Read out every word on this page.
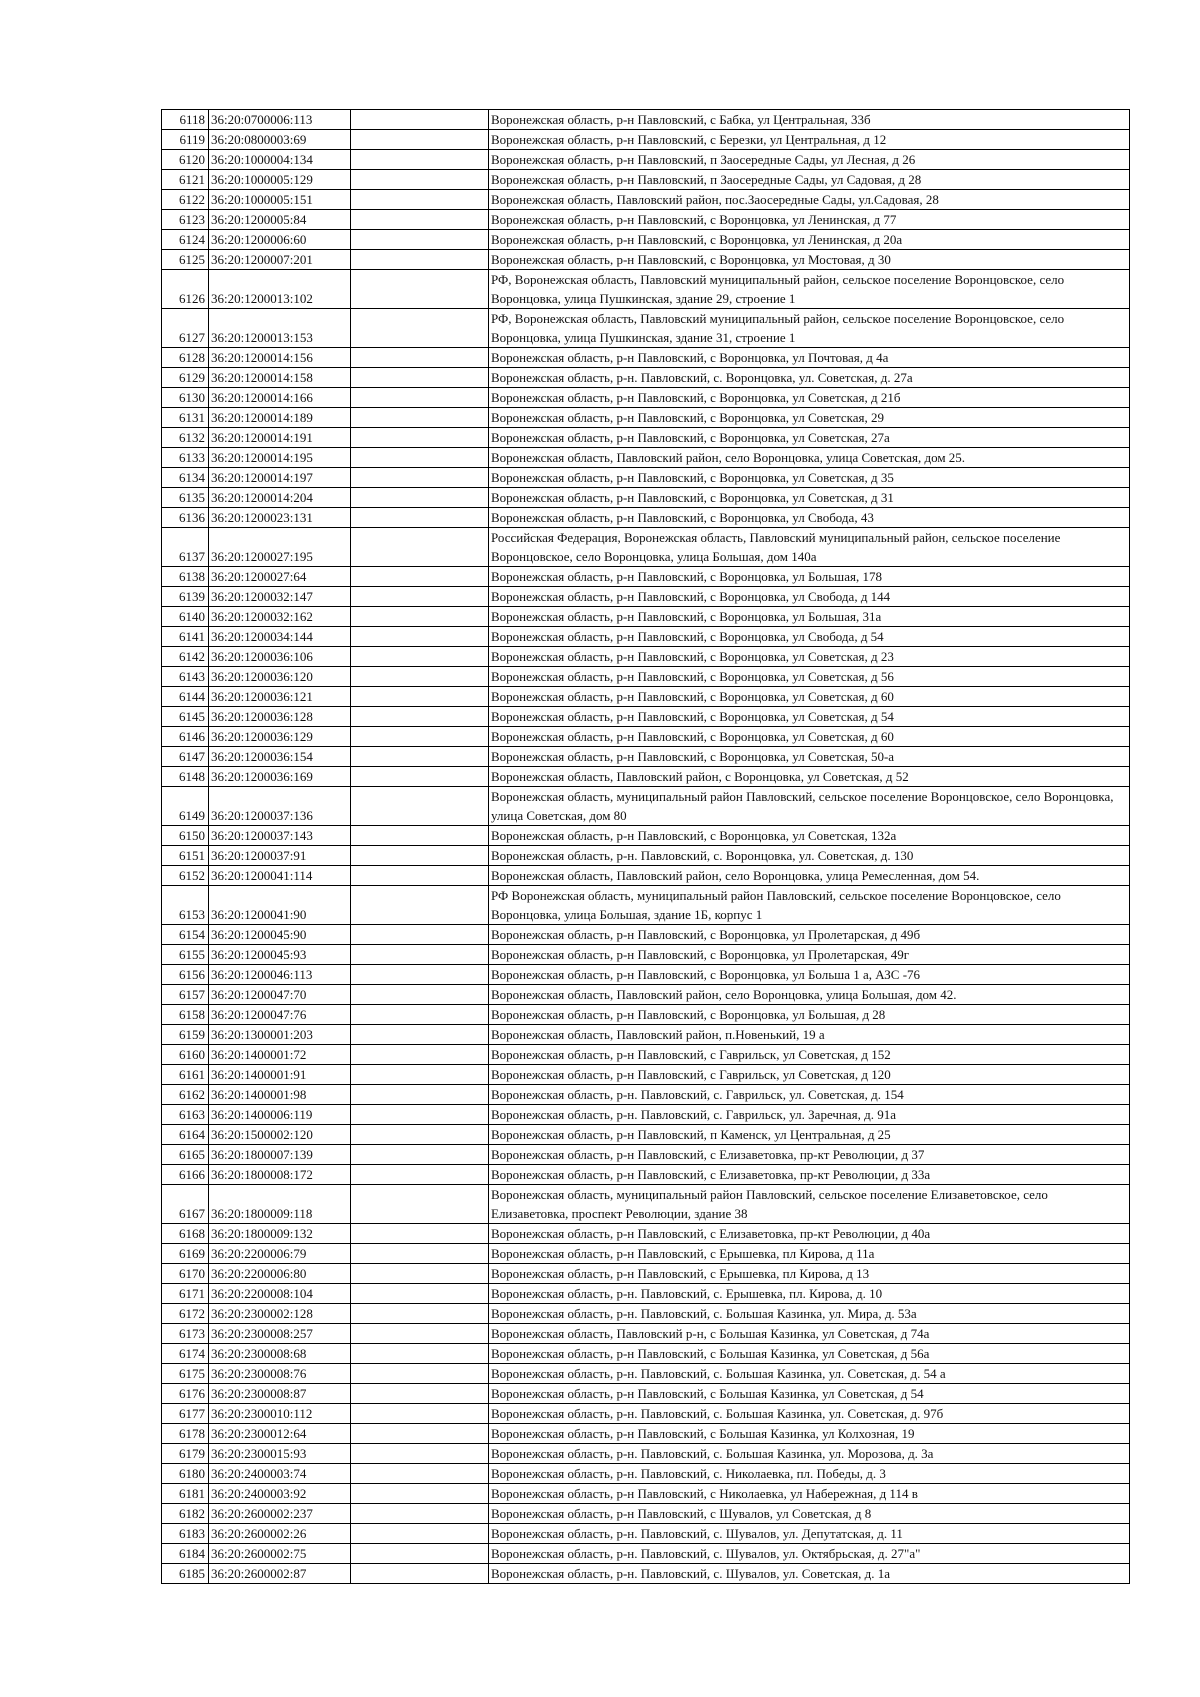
6118	36:20:0700006:113		Воронежская область, р-н Павловский, с Бабка, ул Центральная, 33б
6119	36:20:0800003:69		Воронежская область, р-н Павловский, с Березки, ул Центральная, д 12
6120	36:20:1000004:134		Воронежская область, р-н Павловский, п Заосередные Сады, ул Лесная, д 26
6121	36:20:1000005:129		Воронежская область, р-н Павловский, п Заосередные Сады, ул Садовая, д 28
6122	36:20:1000005:151		Воронежская область, Павловский район, пос.Заосередные Сады, ул.Садовая, 28
6123	36:20:1200005:84		Воронежская область, р-н Павловский, с Воронцовка, ул Ленинская, д 77
6124	36:20:1200006:60		Воронежская область, р-н Павловский, с Воронцовка, ул Ленинская, д 20а
6125	36:20:1200007:201		Воронежская область, р-н Павловский, с Воронцовка, ул Мостовая, д 30
6126	36:20:1200013:102		РФ, Воронежская область, Павловский муниципальный район, сельское поселение Воронцовское, село Воронцовка, улица Пушкинская, здание 29, строение 1
6127	36:20:1200013:153		РФ, Воронежская область, Павловский муниципальный район, сельское поселение Воронцовское, село Воронцовка, улица Пушкинская, здание 31, строение 1
6128	36:20:1200014:156		Воронежская область, р-н Павловский, с Воронцовка, ул Почтовая, д 4а
6129	36:20:1200014:158		Воронежская область, р-н. Павловский, с. Воронцовка, ул. Советская, д. 27а
6130	36:20:1200014:166		Воронежская область, р-н Павловский, с Воронцовка, ул Советская, д 21б
6131	36:20:1200014:189		Воронежская область, р-н Павловский, с Воронцовка, ул Советская, 29
6132	36:20:1200014:191		Воронежская область, р-н Павловский, с Воронцовка, ул Советская, 27а
6133	36:20:1200014:195		Воронежская область, Павловский район, село Воронцовка, улица Советская, дом 25.
6134	36:20:1200014:197		Воронежская область, р-н Павловский, с Воронцовка, ул Советская, д 35
6135	36:20:1200014:204		Воронежская область, р-н Павловский, с Воронцовка, ул Советская, д 31
6136	36:20:1200023:131		Воронежская область, р-н Павловский, с Воронцовка, ул Свобода, 43
6137	36:20:1200027:195		Российская Федерация, Воронежская область, Павловский муниципальный район, сельское поселение Воронцовское, село Воронцовка, улица Большая, дом 140а
6138	36:20:1200027:64		Воронежская область, р-н Павловский, с Воронцовка, ул Большая, 178
6139	36:20:1200032:147		Воронежская область, р-н Павловский, с Воронцовка, ул Свобода, д 144
6140	36:20:1200032:162		Воронежская область, р-н Павловский, с Воронцовка, ул Большая, 31а
6141	36:20:1200034:144		Воронежская область, р-н Павловский, с Воронцовка, ул Свобода, д 54
6142	36:20:1200036:106		Воронежская область, р-н Павловский, с Воронцовка, ул Советская, д 23
6143	36:20:1200036:120		Воронежская область, р-н Павловский, с Воронцовка, ул Советская, д 56
6144	36:20:1200036:121		Воронежская область, р-н Павловский, с Воронцовка, ул Советская, д 60
6145	36:20:1200036:128		Воронежская область, р-н Павловский, с Воронцовка, ул Советская, д 54
6146	36:20:1200036:129		Воронежская область, р-н Павловский, с Воронцовка, ул Советская, д 60
6147	36:20:1200036:154		Воронежская область, р-н Павловский, с Воронцовка, ул Советская, 50-а
6148	36:20:1200036:169		Воронежская область, Павловский район, с Воронцовка, ул Советская, д 52
6149	36:20:1200037:136		Воронежская область, муниципальный район Павловский, сельское поселение Воронцовское, село Воронцовка, улица Советская, дом 80
6150	36:20:1200037:143		Воронежская область, р-н Павловский, с Воронцовка, ул Советская, 132а
6151	36:20:1200037:91		Воронежская область, р-н. Павловский, с. Воронцовка, ул. Советская, д. 130
6152	36:20:1200041:114		Воронежская область, Павловский район, село Воронцовка, улица Ремесленная, дом 54.
6153	36:20:1200041:90		РФ Воронежская область, муниципальный район Павловский, сельское поселение Воронцовское, село Воронцовка, улица Большая, здание 1Б, корпус 1
6154	36:20:1200045:90		Воронежская область, р-н Павловский, с Воронцовка, ул Пролетарская, д 49б
6155	36:20:1200045:93		Воронежская область, р-н Павловский, с Воронцовка, ул Пролетарская, 49г
6156	36:20:1200046:113		Воронежская область, р-н Павловский, с Воронцовка, ул Больша 1 а, АЗС -76
6157	36:20:1200047:70		Воронежская область, Павловский район, село Воронцовка, улица Большая, дом 42.
6158	36:20:1200047:76		Воронежская область, р-н Павловский, с Воронцовка, ул Большая, д 28
6159	36:20:1300001:203		Воронежская область, Павловский район, п.Новенький, 19 а
6160	36:20:1400001:72		Воронежская область, р-н Павловский, с Гаврильск, ул Советская, д 152
6161	36:20:1400001:91		Воронежская область, р-н Павловский, с Гаврильск, ул Советская, д 120
6162	36:20:1400001:98		Воронежская область, р-н. Павловский, с. Гаврильск, ул. Советская, д. 154
6163	36:20:1400006:119		Воронежская область, р-н. Павловский, с. Гаврильск, ул. Заречная, д. 91а
6164	36:20:1500002:120		Воронежская область, р-н Павловский, п Каменск, ул Центральная, д 25
6165	36:20:1800007:139		Воронежская область, р-н Павловский, с Елизаветовка, пр-кт Революции, д 37
6166	36:20:1800008:172		Воронежская область, р-н Павловский, с Елизаветовка, пр-кт Революции, д 33а
6167	36:20:1800009:118		Воронежская область, муниципальный район Павловский, сельское поселение Елизаветовское, село Елизаветовка, проспект Революции, здание 38
6168	36:20:1800009:132		Воронежская область, р-н Павловский, с Елизаветовка, пр-кт Революции, д 40а
6169	36:20:2200006:79		Воронежская область, р-н Павловский, с Ерышевка, пл Кирова, д 11а
6170	36:20:2200006:80		Воронежская область, р-н Павловский, с Ерышевка, пл Кирова, д 13
6171	36:20:2200008:104		Воронежская область, р-н. Павловский, с. Ерышевка, пл. Кирова, д. 10
6172	36:20:2300002:128		Воронежская область, р-н. Павловский, с. Большая Казинка, ул. Мира, д. 53а
6173	36:20:2300008:257		Воронежская область, Павловский р-н, с Большая Казинка, ул Советская, д 74а
6174	36:20:2300008:68		Воронежская область, р-н Павловский, с Большая Казинка, ул Советская, д 56а
6175	36:20:2300008:76		Воронежская область, р-н. Павловский, с. Большая Казинка, ул. Советская, д. 54 а
6176	36:20:2300008:87		Воронежская область, р-н Павловский, с Большая Казинка, ул Советская, д 54
6177	36:20:2300010:112		Воронежская область, р-н. Павловский, с. Большая Казинка, ул. Советская, д. 97б
6178	36:20:2300012:64		Воронежская область, р-н Павловский, с Большая Казинка, ул Колхозная, 19
6179	36:20:2300015:93		Воронежская область, р-н. Павловский, с. Большая Казинка, ул. Морозова, д. 3а
6180	36:20:2400003:74		Воронежская область, р-н. Павловский, с. Николаевка, пл. Победы, д. 3
6181	36:20:2400003:92		Воронежская область, р-н Павловский, с Николаевка, ул Набережная, д 114 в
6182	36:20:2600002:237		Воронежская область, р-н Павловский, с Шувалов, ул Советская, д 8
6183	36:20:2600002:26		Воронежская область, р-н. Павловский, с. Шувалов, ул. Депутатская, д. 11
6184	36:20:2600002:75		Воронежская область, р-н. Павловский, с. Шувалов, ул. Октябрьская, д. 27"а"
6185	36:20:2600002:87		Воронежская область, р-н. Павловский, с. Шувалов, ул. Советская, д. 1а
